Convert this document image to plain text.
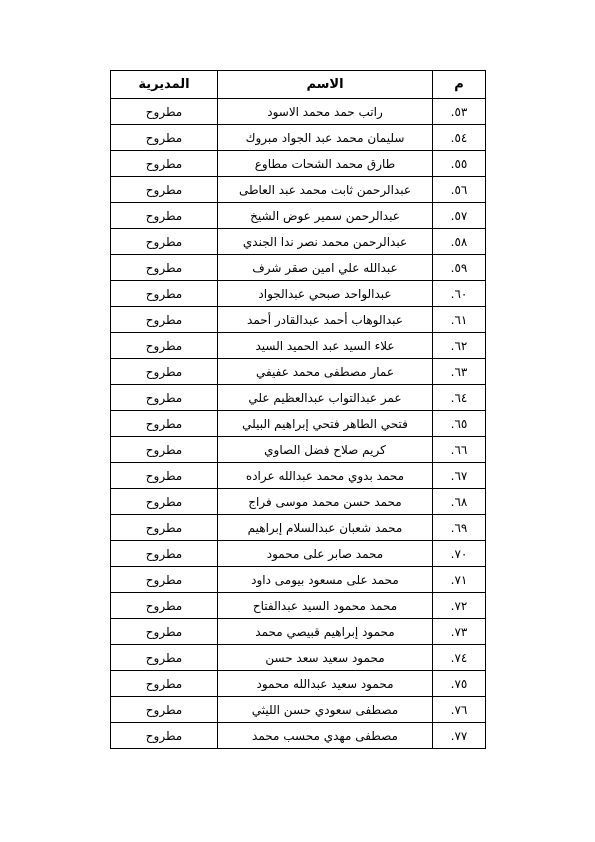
م	الاسم	المديرية
٥٣.	راتب حمد محمد الاسود	مطروح
٥٤.	سليمان محمد عبد الجواد مبروك	مطروح
٥٥.	طارق محمد الشحات مطاوع	مطروح
٥٦.	عبدالرحمن ثابت محمد عبد العاطى	مطروح
٥٧.	عبدالرحمن سمير عوض الشيخ	مطروح
٥٨.	عبدالرحمن محمد نصر ندا الجندي	مطروح
٥٩.	عبدالله علي امين صقر شرف	مطروح
٦٠.	عبدالواحد صبحي عبدالجواد	مطروح
٦١.	عبدالوهاب أحمد عبدالقادر أحمد	مطروح
٦٢.	علاء السيد عبد الحميد السيد	مطروح
٦٣.	عمار مصطفى محمد عفيفي	مطروح
٦٤.	عمر عبدالتواب عبدالعظيم علي	مطروح
٦٥.	فتحي الطاهر فتحي إبراهيم البيلي	مطروح
٦٦.	كريم صلاح فضل الصاوي	مطروح
٦٧.	محمد بدوي محمد عبدالله عراده	مطروح
٦٨.	محمد حسن محمد موسى فراج	مطروح
٦٩.	محمد شعبان عبدالسلام إبراهيم	مطروح
٧٠.	محمد صابر على محمود	مطروح
٧١.	محمد على مسعود بيومى داود	مطروح
٧٢.	محمد محمود السيد عبدالفتاح	مطروح
٧٣.	محمود إبراهيم قبيصي محمد	مطروح
٧٤.	محمود سعيد سعد حسن	مطروح
٧٥.	محمود سعيد عبدالله محمود	مطروح
٧٦.	مصطفى سعودي حسن الليثي	مطروح
٧٧.	مصطفى مهدي محسب محمد	مطروح
